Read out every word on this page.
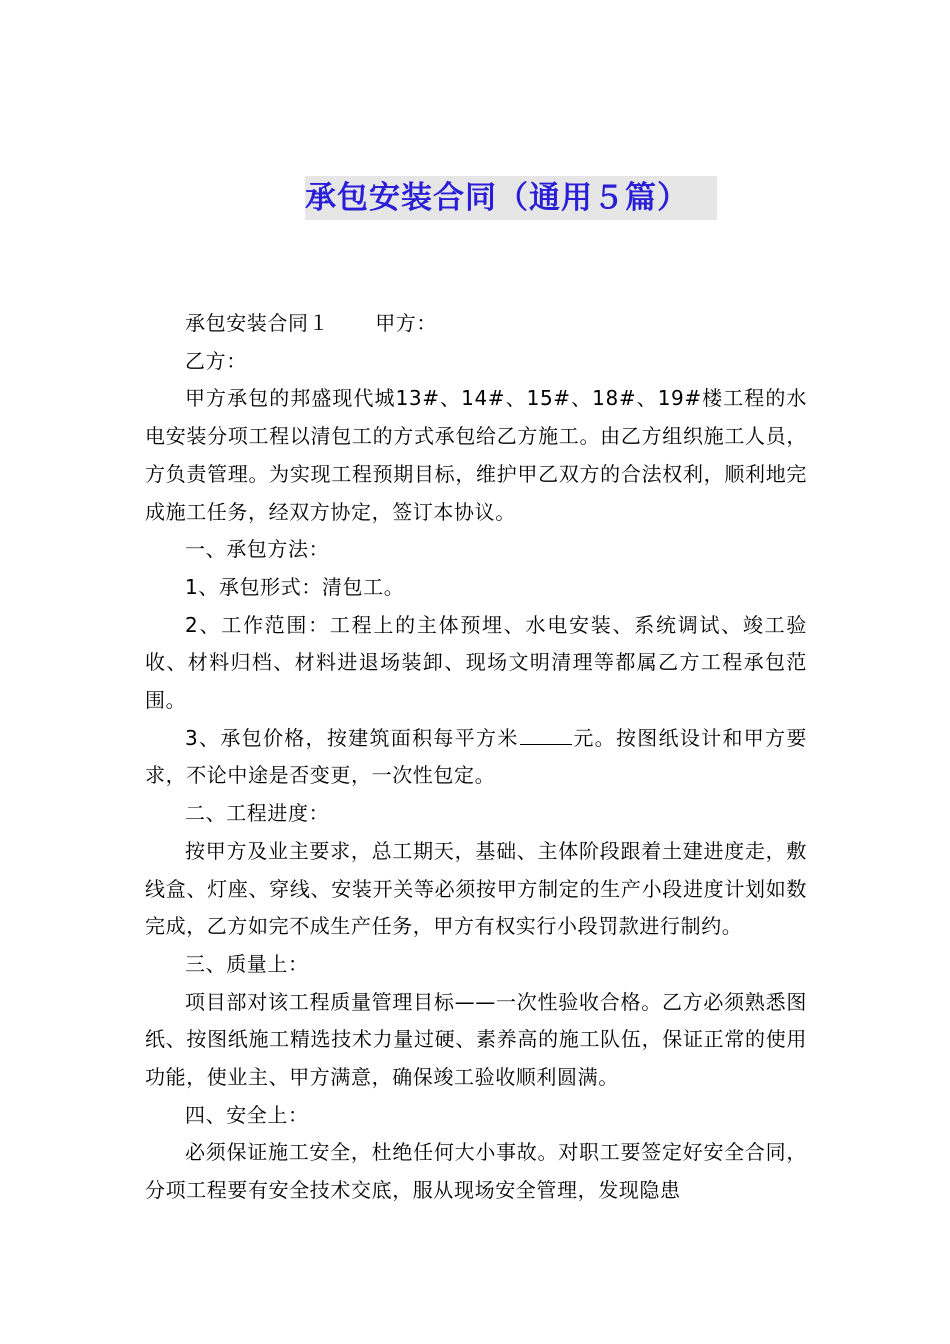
承包安装合同（通用５篇）

承包安装合同１ 甲方：

乙方：

甲方承包的邦盛现代城13#、14#、15#、18#、19#楼工程的水电安装分项工程以清包工的方式承包给乙方施工。由乙方组织施工人员，方负责管理。为实现工程预期目标，维护甲乙双方的合法权利，顺利地完成施工任务，经双方协定，签订本协议。

一、承包方法：

1、承包形式：清包工。

2、工作范围：工程上的主体预埋、水电安装、系统调试、竣工验收、材料归档、材料进退场装卸、现场文明清理等都属乙方工程承包范围。

3、承包价格，按建筑面积每平方米	元。按图纸设计和甲方要求，不论中途是否变更，一次性包定。

二、工程进度：

按甲方及业主要求，总工期天，基础、主体阶段跟着土建进度走，敷线盒、灯座、穿线、安装开关等必须按甲方制定的生产小段进度计划如数完成，乙方如完不成生产任务，甲方有权实行小段罚款进行制约。

三、质量上：

项目部对该工程质量管理目标——一次性验收合格。乙方必须熟悉图纸、按图纸施工精选技术力量过硬、素养高的施工队伍，保证正常的使用功能，使业主、甲方满意，确保竣工验收顺利圆满。

四、安全上：

必须保证施工安全，杜绝任何大小事故。对职工要签定好安全合同，分项工程要有安全技术交底，服从现场安全管理，发现隐患
